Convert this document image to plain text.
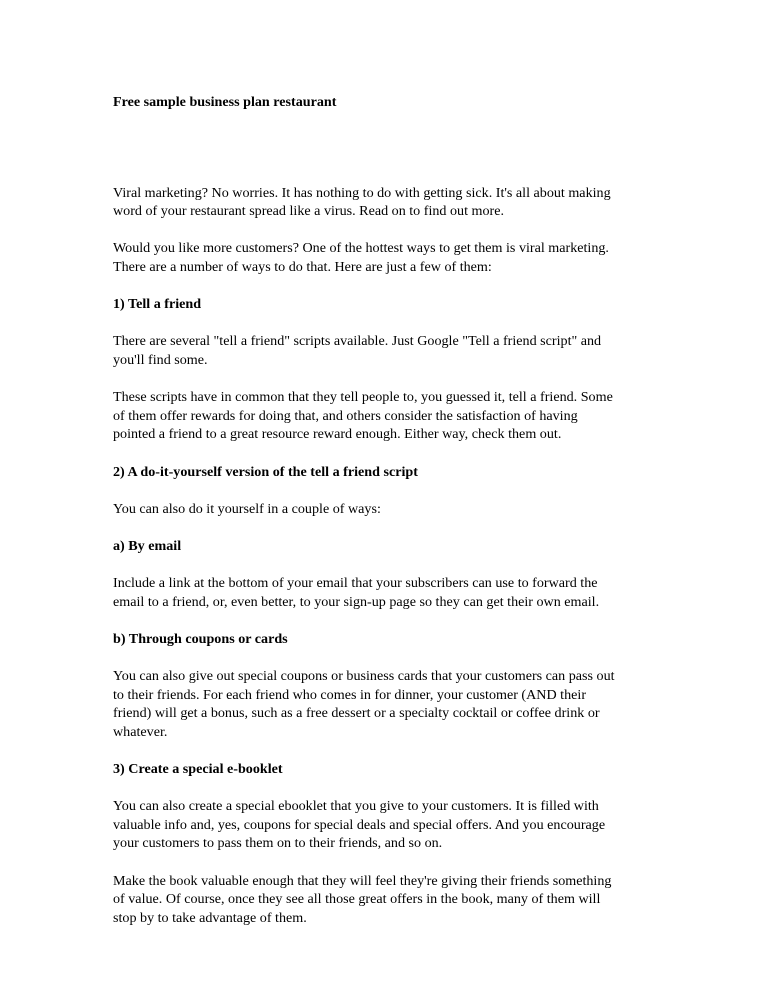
Free sample business plan restaurant
Viral marketing? No worries. It has nothing to do with getting sick. It's all about making
word of your restaurant spread like a virus. Read on to find out more.
Would you like more customers? One of the hottest ways to get them is viral marketing.
There are a number of ways to do that. Here are just a few of them:
1) Tell a friend
There are several "tell a friend" scripts available. Just Google "Tell a friend script" and
you'll find some.
These scripts have in common that they tell people to, you guessed it, tell a friend. Some
of them offer rewards for doing that, and others consider the satisfaction of having
pointed a friend to a great resource reward enough. Either way, check them out.
2) A do-it-yourself version of the tell a friend script
You can also do it yourself in a couple of ways:
a) By email
Include a link at the bottom of your email that your subscribers can use to forward the
email to a friend, or, even better, to your sign-up page so they can get their own email.
b) Through coupons or cards
You can also give out special coupons or business cards that your customers can pass out
to their friends. For each friend who comes in for dinner, your customer (AND their
friend) will get a bonus, such as a free dessert or a specialty cocktail or coffee drink or
whatever.
3) Create a special e-booklet
You can also create a special ebooklet that you give to your customers. It is filled with
valuable info and, yes, coupons for special deals and special offers. And you encourage
your customers to pass them on to their friends, and so on.
Make the book valuable enough that they will feel they're giving their friends something
of value. Of course, once they see all those great offers in the book, many of them will
stop by to take advantage of them.
